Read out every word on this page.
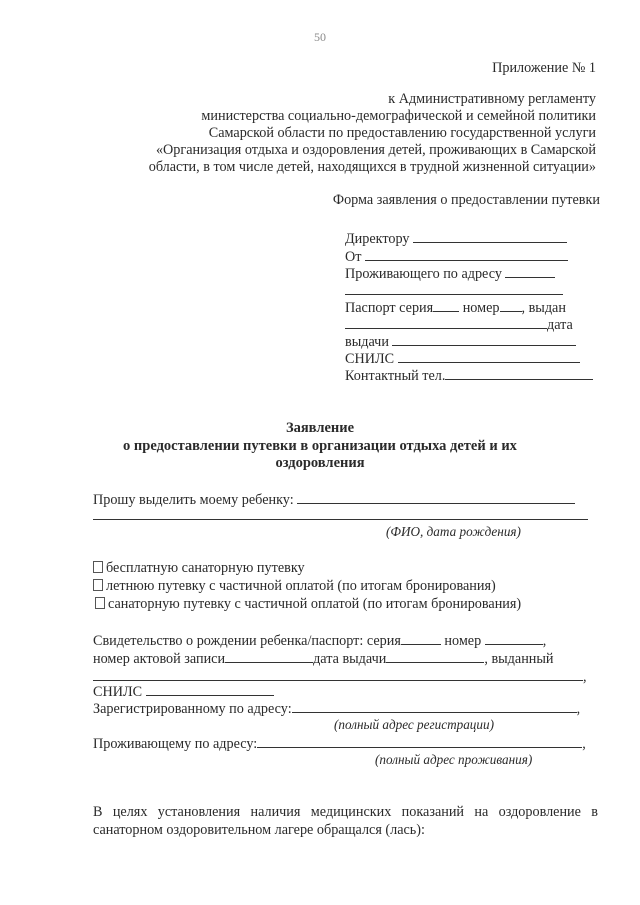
50
Приложение № 1
к Административному регламенту
министерства социально-демографической и семейной политики
Самарской области по предоставлению государственной услуги
«Организация отдыха и оздоровления детей, проживающих в Самарской
области, в том числе детей, находящихся в трудной жизненной ситуации»
Форма заявления о предоставлении путевки
Директору
От
Проживающего по адресу
Паспорт серия номер , выдан
дата
выдачи
СНИЛС
Контактный тел.
Заявление
о предоставлении путевки в организации отдыха детей и их
оздоровления
Прошу выделить моему ребенку:
(ФИО, дата рождения)
бесплатную санаторную путевку
летнюю путевку с частичной оплатой (по итогам бронирования)
санаторную путевку с частичной оплатой (по итогам бронирования)
Свидетельство о рождении ребенка/паспорт: серия	номер	,
номер актовой записи	дата выдачи	, выданный
,
СНИЛС
Зарегистрированному по адресу:	,
(полный адрес регистрации)
Проживающему по адресу:	,
(полный адрес проживания)
В целях установления наличия медицинских показаний на оздоровление в санаторном оздоровительном лагере обращался (лась):
